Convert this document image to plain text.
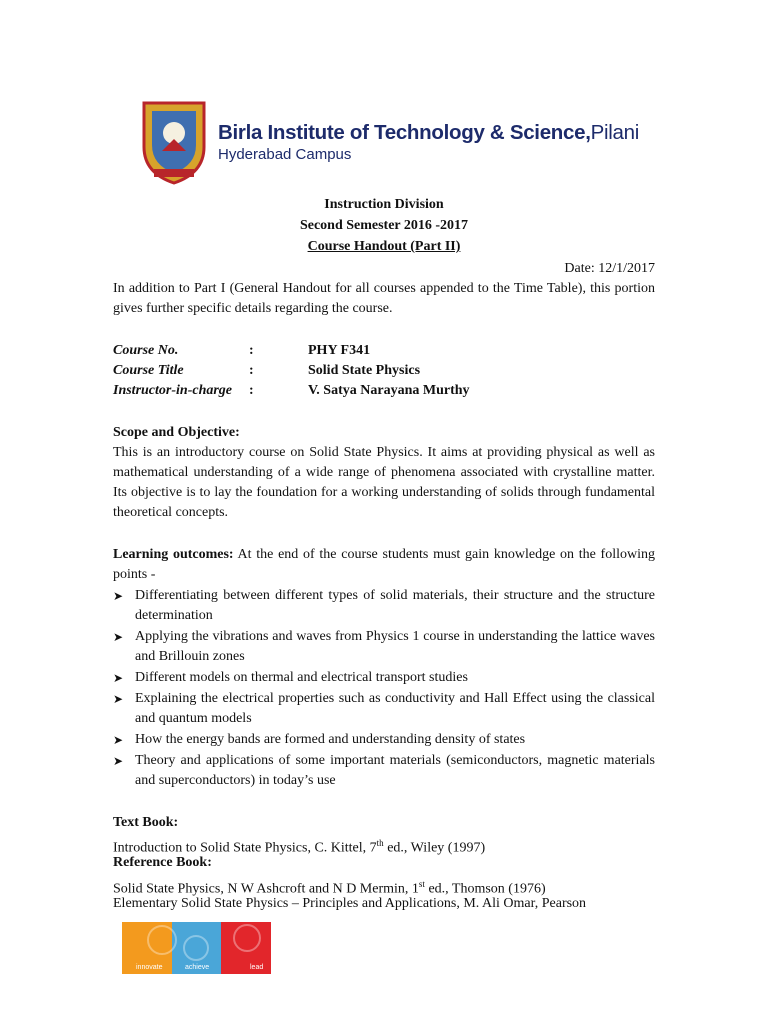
Birla Institute of Technology & Science,Pilani
Hyderabad Campus
Instruction Division
Second Semester 2016 -2017
Course Handout (Part II)
Date: 12/1/2017
In addition to Part I (General Handout for all courses appended to the Time Table), this portion gives further specific details regarding the course.
Course No.	:	PHY F341
Course Title	:	Solid State Physics
Instructor-in-charge :	V. Satya Narayana Murthy
Scope and Objective:
This is an introductory course on Solid State Physics. It aims at providing physical as well as mathematical understanding of a wide range of phenomena associated with crystalline matter. Its objective is to lay the foundation for a working understanding of solids through fundamental theoretical concepts.
Learning outcomes: At the end of the course students must gain knowledge on the following points -
➤ Differentiating between different types of solid materials, their structure and the structure determination
➤ Applying the vibrations and waves from Physics 1 course in understanding the lattice waves and Brillouin zones
➤ Different models on thermal and electrical transport studies
➤ Explaining the electrical properties such as conductivity and Hall Effect using the classical and quantum models
➤ How the energy bands are formed and understanding density of states
➤ Theory and applications of some important materials (semiconductors, magnetic materials and superconductors) in today’s use
Text Book:
Introduction to Solid State Physics, C. Kittel, 7th ed., Wiley (1997)
Reference Book:
Solid State Physics, N W Ashcroft and N D Mermin, 1st ed., Thomson (1976)
Elementary Solid State Physics – Principles and Applications, M. Ali Omar, Pearson
innovate	achieve	lead
